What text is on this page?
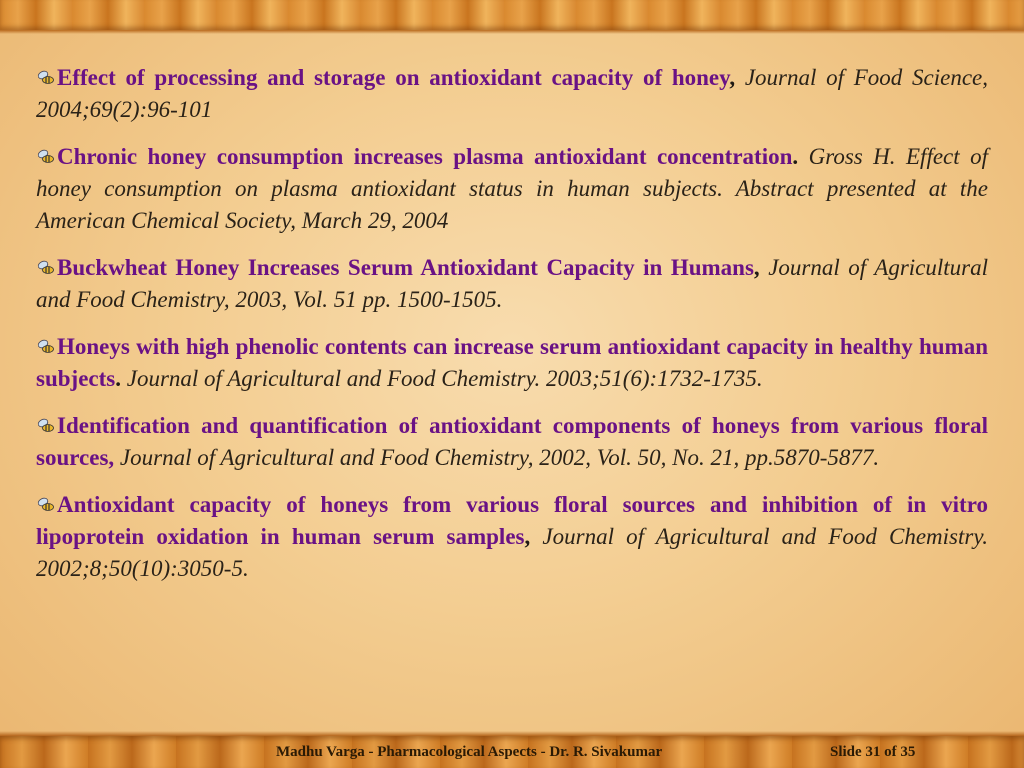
Effect of processing and storage on antioxidant capacity of honey, Journal of Food Science, 2004;69(2):96-101

Chronic honey consumption increases plasma antioxidant concentration. Gross H. Effect of honey consumption on plasma antioxidant status in human subjects. Abstract presented at the American Chemical Society, March 29, 2004

Buckwheat Honey Increases Serum Antioxidant Capacity in Humans, Journal of Agricultural and Food Chemistry, 2003, Vol. 51 pp. 1500-1505.

Honeys with high phenolic contents can increase serum antioxidant capacity in healthy human subjects. Journal of Agricultural and Food Chemistry. 2003;51(6):1732-1735.

Identification and quantification of antioxidant components of honeys from various floral sources, Journal of Agricultural and Food Chemistry, 2002, Vol. 50, No. 21, pp.5870-5877.

Antioxidant capacity of honeys from various floral sources and inhibition of in vitro lipoprotein oxidation in human serum samples, Journal of Agricultural and Food Chemistry. 2002;8;50(10):3050-5.

Madhu Varga - Pharmacological Aspects - Dr. R. Sivakumar	Slide 31 of 35
